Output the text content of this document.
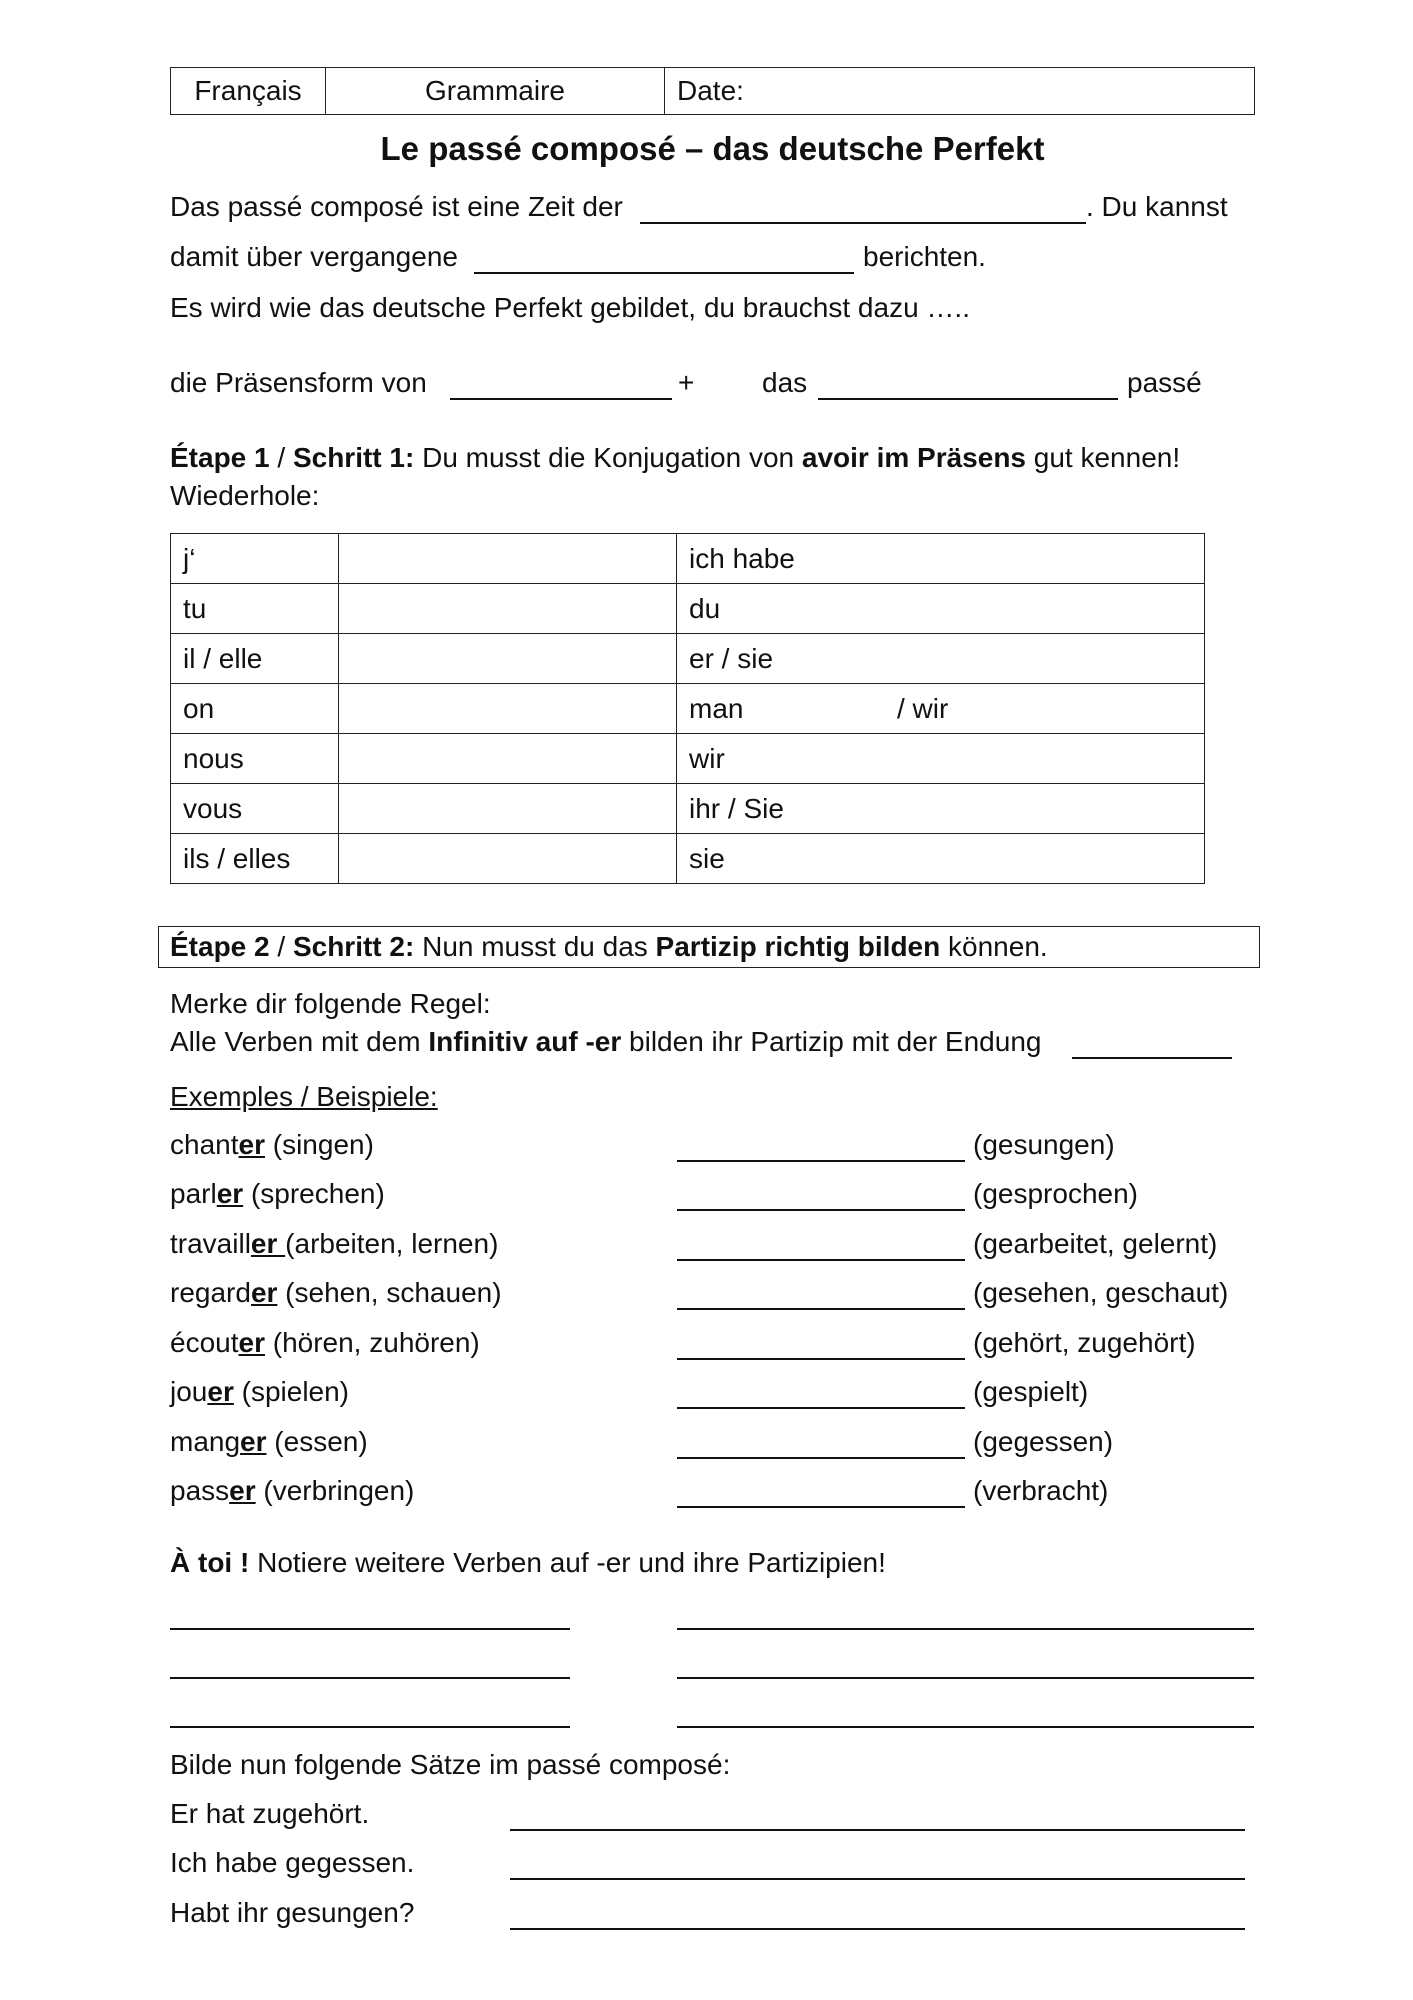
Français	Grammaire	Date:
Le passé composé – das deutsche Perfekt
Das passé composé ist eine Zeit der	. Du kannst
damit über vergangene	berichten.
Es wird wie das deutsche Perfekt gebildet, du brauchst dazu …..
die Präsensform von	+ das	passé
Étape 1 / Schritt 1: Du musst die Konjugation von avoir im Präsens gut kennen!
Wiederhole:
j‘		ich habe
tu		du
il / elle		er / sie
on		man / wir
nous		wir
vous		ihr / Sie
ils / elles		sie
Étape 2 / Schritt 2: Nun musst du das Partizip richtig bilden können.
Merke dir folgende Regel:
Alle Verben mit dem Infinitiv auf -er bilden ihr Partizip mit der Endung
Exemples / Beispiele:
chanter (singen)	(gesungen)
parler (sprechen)	(gesprochen)
travailler (arbeiten, lernen)	(gearbeitet, gelernt)
regarder (sehen, schauen)	(gesehen, geschaut)
écouter (hören, zuhören)	(gehört, zugehört)
jouer (spielen)	(gespielt)
manger (essen)	(gegessen)
passer (verbringen)	(verbracht)
À toi ! Notiere weitere Verben auf -er und ihre Partizipien!
Bilde nun folgende Sätze im passé composé:
Er hat zugehört.
Ich habe gegessen.
Habt ihr gesungen?
